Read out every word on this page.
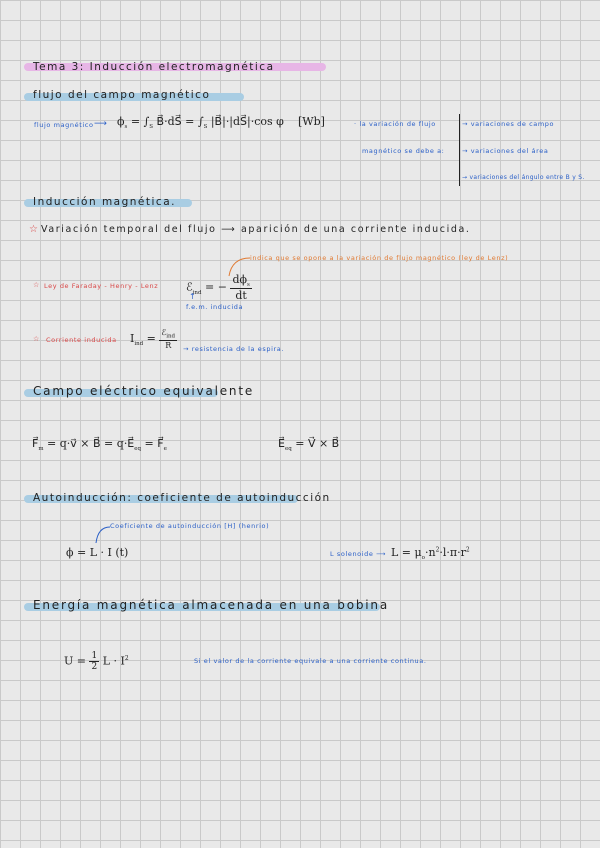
Tema 3: Inducción electromagnética
flujo del campo magnético
flujo magnético ⟶ $\phi_s = \int_S$ B⃗·dS⃗ = $\int_S$ |B⃗|·|dS⃗|·cos φ [Wb]	· la variación de flujo
magnético se debe a:
→ variaciones de campo
→ variaciones del área
→ variaciones del ángulo entre B y S.
Inducción magnética.
☆ Variación temporal del flujo ⟶ aparición de una corriente inducida.
indica que se opone a la variación de flujo magnético (ley de Lenz)
☆ Ley de Faraday - Henry - Lenz	ℰ$_{ind}$ = − $\frac{d\phi_s}{dt}$
↑
f.e.m. inducida
☆ Corriente inducida $I_{ind} = \frac{ℰ_{ind}}{R}$ → resistencia de la espira.
Campo eléctrico equivalente
$F⃗_m$ = q·v⃗ × B⃗ = $q\cdot E⃗_{eq}$ = $F⃗_e$	$E⃗_{eq}$ = V⃗ × B⃗
Autoinducción: coeficiente de autoinducción
Coeficiente de autoinducción [H] (henrio)
ϕ = L · I (t)	L solenoide ⟶ $L = \mu_o\cdot n^2\cdot l\cdot\pi\cdot r^2$
Energía magnética almacenada en una bobina
$U = \frac{1}{2}$ $L \cdot I^2$	Si el valor de la corriente equivale a una corriente continua.
